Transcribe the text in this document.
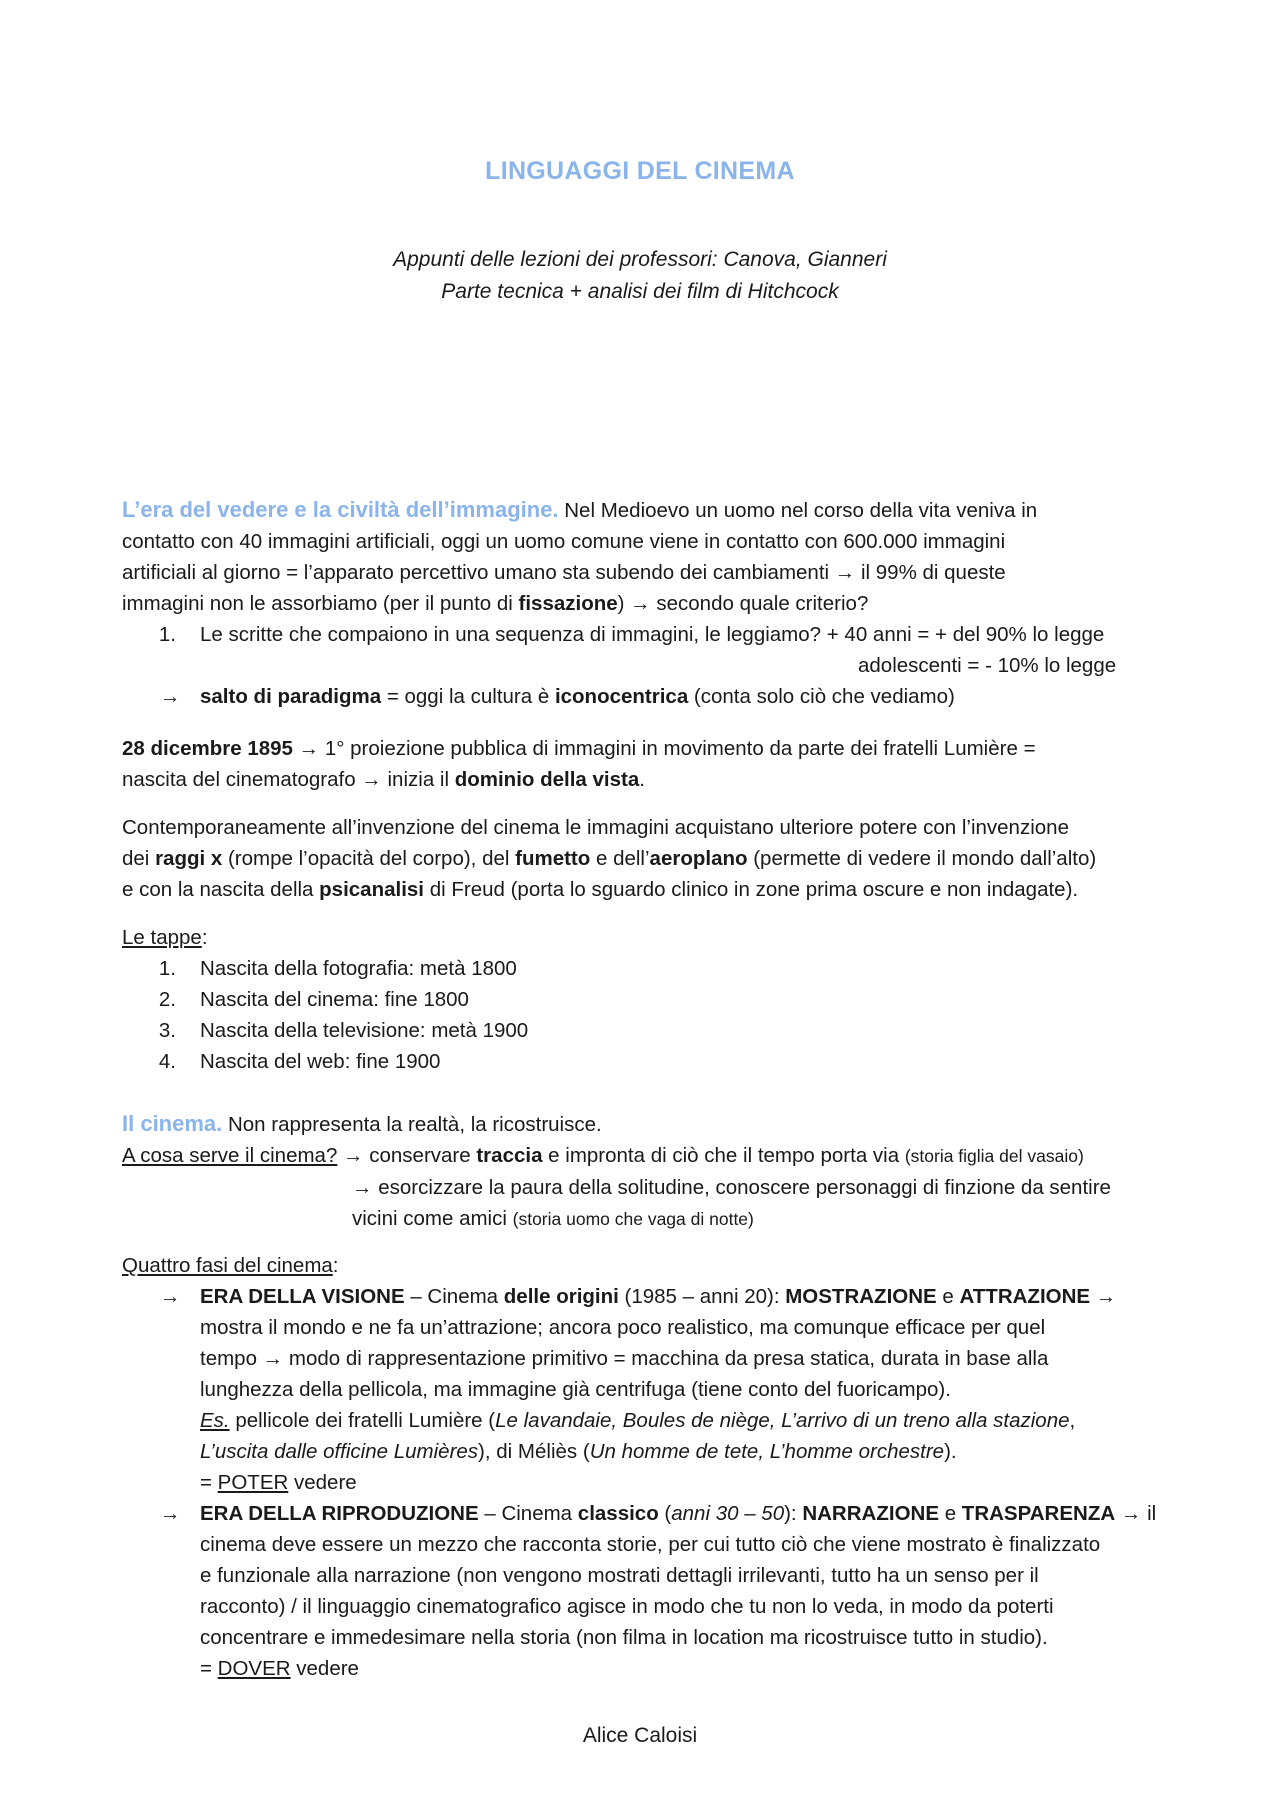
LINGUAGGI DEL CINEMA
Appunti delle lezioni dei professori: Canova, Gianneri
Parte tecnica + analisi dei film di Hitchcock
L’era del vedere e la civiltà dell’immagine. Nel Medioevo un uomo nel corso della vita veniva in
contatto con 40 immagini artificiali, oggi un uomo comune viene in contatto con 600.000 immagini
artificiali al giorno = l’apparato percettivo umano sta subendo dei cambiamenti → il 99% di queste
immagini non le assorbiamo (per il punto di fissazione) → secondo quale criterio?
1. Le scritte che compaiono in una sequenza di immagini, le leggiamo? + 40 anni = + del 90% lo legge
adolescenti = - 10% lo legge
→ salto di paradigma = oggi la cultura è iconocentrica (conta solo ciò che vediamo)
28 dicembre 1895 → 1° proiezione pubblica di immagini in movimento da parte dei fratelli Lumière =
nascita del cinematografo → inizia il dominio della vista.
Contemporaneamente all’invenzione del cinema le immagini acquistano ulteriore potere con l’invenzione
dei raggi x (rompe l’opacità del corpo), del fumetto e dell’aeroplano (permette di vedere il mondo dall’alto)
e con la nascita della psicanalisi di Freud (porta lo sguardo clinico in zone prima oscure e non indagate).
Le tappe:
1. Nascita della fotografia: metà 1800
2. Nascita del cinema: fine 1800
3. Nascita della televisione: metà 1900
4. Nascita del web: fine 1900
Il cinema. Non rappresenta la realtà, la ricostruisce.
A cosa serve il cinema? → conservare traccia e impronta di ciò che il tempo porta via (storia figlia del vasaio)
→ esorcizzare la paura della solitudine, conoscere personaggi di finzione da sentire
vicini come amici (storia uomo che vaga di notte)
Quattro fasi del cinema:
→ ERA DELLA VISIONE – Cinema delle origini (1985 – anni 20): MOSTRAZIONE e ATTRAZIONE →
mostra il mondo e ne fa un’attrazione; ancora poco realistico, ma comunque efficace per quel
tempo → modo di rappresentazione primitivo = macchina da presa statica, durata in base alla
lunghezza della pellicola, ma immagine già centrifuga (tiene conto del fuoricampo).
Es. pellicole dei fratelli Lumière (Le lavandaie, Boules de niège, L’arrivo di un treno alla stazione,
L’uscita dalle officine Lumières), di Méliès (Un homme de tete, L’homme orchestre).
= POTER vedere
→ ERA DELLA RIPRODUZIONE – Cinema classico (anni 30 – 50): NARRAZIONE e TRASPARENZA → il
cinema deve essere un mezzo che racconta storie, per cui tutto ciò che viene mostrato è finalizzato
e funzionale alla narrazione (non vengono mostrati dettagli irrilevanti, tutto ha un senso per il
racconto) / il linguaggio cinematografico agisce in modo che tu non lo veda, in modo da poterti
concentrare e immedesimare nella storia (non filma in location ma ricostruisce tutto in studio).
= DOVER vedere
Alice Caloisi
